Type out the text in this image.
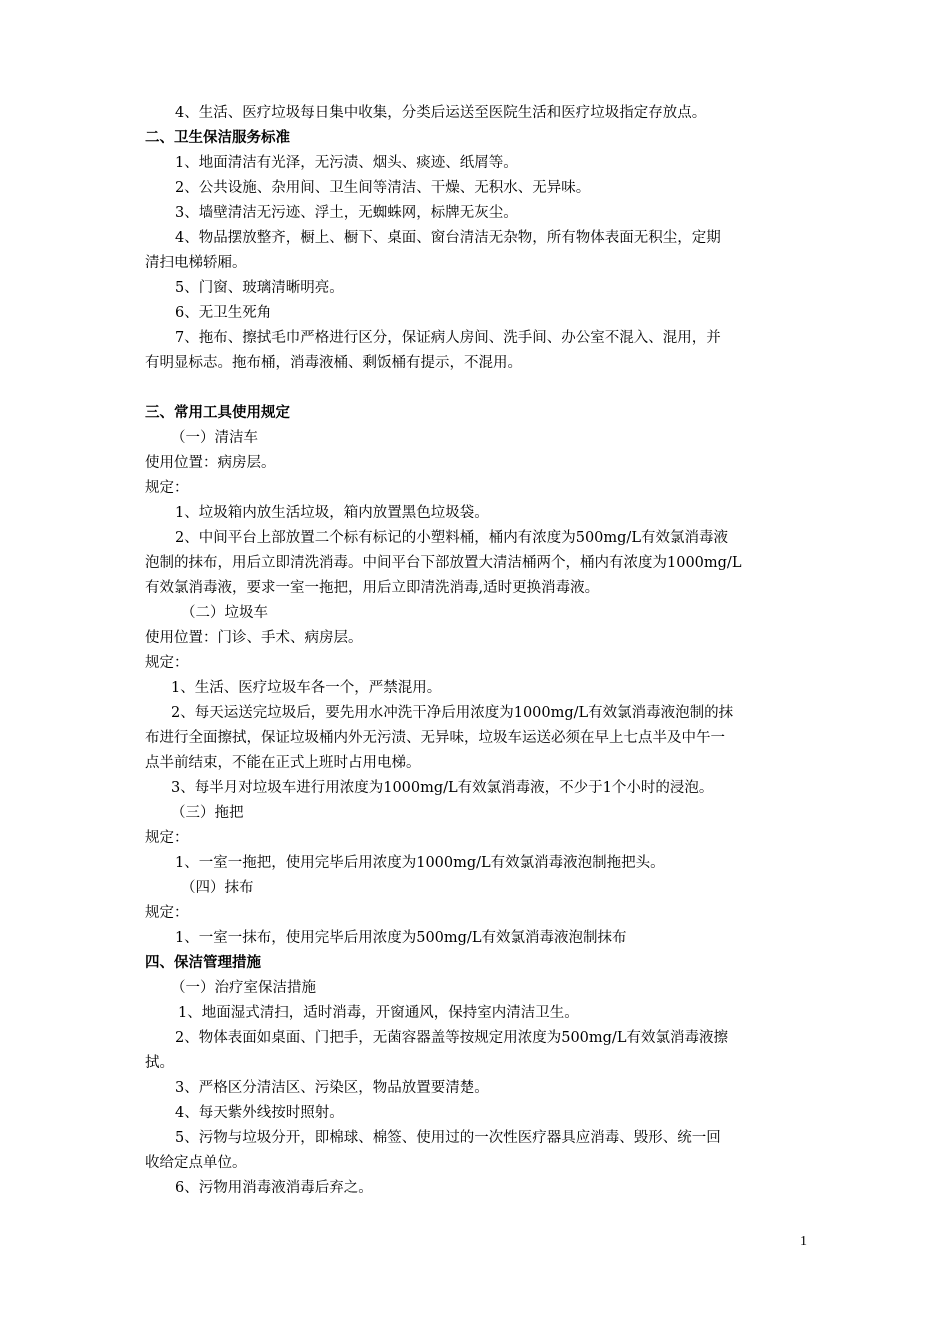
4、生活、医疗垃圾每日集中收集，分类后运送至医院生活和医疗垃圾指定存放点。
二、卫生保洁服务标准
1、地面清洁有光泽，无污渍、烟头、痰迹、纸屑等。
2、公共设施、杂用间、卫生间等清洁、干燥、无积水、无异味。
3、墙壁清洁无污迹、浮土，无蜘蛛网，标牌无灰尘。
4、物品摆放整齐，橱上、橱下、桌面、窗台清洁无杂物，所有物体表面无积尘，定期
清扫电梯轿厢。
5、门窗、玻璃清晰明亮。
6、无卫生死角
7、拖布、擦拭毛巾严格进行区分，保证病人房间、洗手间、办公室不混入、混用，并
有明显标志。拖布桶，消毒液桶、剩饭桶有提示，不混用。
三、常用工具使用规定
（一）清洁车
使用位置：病房层。
规定：
1、垃圾箱内放生活垃圾，箱内放置黑色垃圾袋。
2、中间平台上部放置二个标有标记的小塑料桶，桶内有浓度为500mg/L有效氯消毒液
泡制的抹布，用后立即清洗消毒。中间平台下部放置大清洁桶两个，桶内有浓度为1000mg/L
有效氯消毒液，要求一室一拖把，用后立即清洗消毒,适时更换消毒液。
（二）垃圾车
使用位置：门诊、手术、病房层。
规定：
1、生活、医疗垃圾车各一个，严禁混用。
2、每天运送完垃圾后，要先用水冲洗干净后用浓度为1000mg/L有效氯消毒液泡制的抹
布进行全面擦拭，保证垃圾桶内外无污渍、无异味，垃圾车运送必须在早上七点半及中午一
点半前结束，不能在正式上班时占用电梯。
3、每半月对垃圾车进行用浓度为1000mg/L有效氯消毒液，不少于1个小时的浸泡。
（三）拖把
规定：
1、一室一拖把，使用完毕后用浓度为1000mg/L有效氯消毒液泡制拖把头。
（四）抹布
规定：
1、一室一抹布，使用完毕后用浓度为500mg/L有效氯消毒液泡制抹布
四、保洁管理措施
（一）治疗室保洁措施
1、地面湿式清扫，适时消毒，开窗通风，保持室内清洁卫生。
2、物体表面如桌面、门把手，无菌容器盖等按规定用浓度为500mg/L有效氯消毒液擦
拭。
3、严格区分清洁区、污染区，物品放置要清楚。
4、每天紫外线按时照射。
5、污物与垃圾分开，即棉球、棉签、使用过的一次性医疗器具应消毒、毁形、统一回
收给定点单位。
6、污物用消毒液消毒后弃之。
1
